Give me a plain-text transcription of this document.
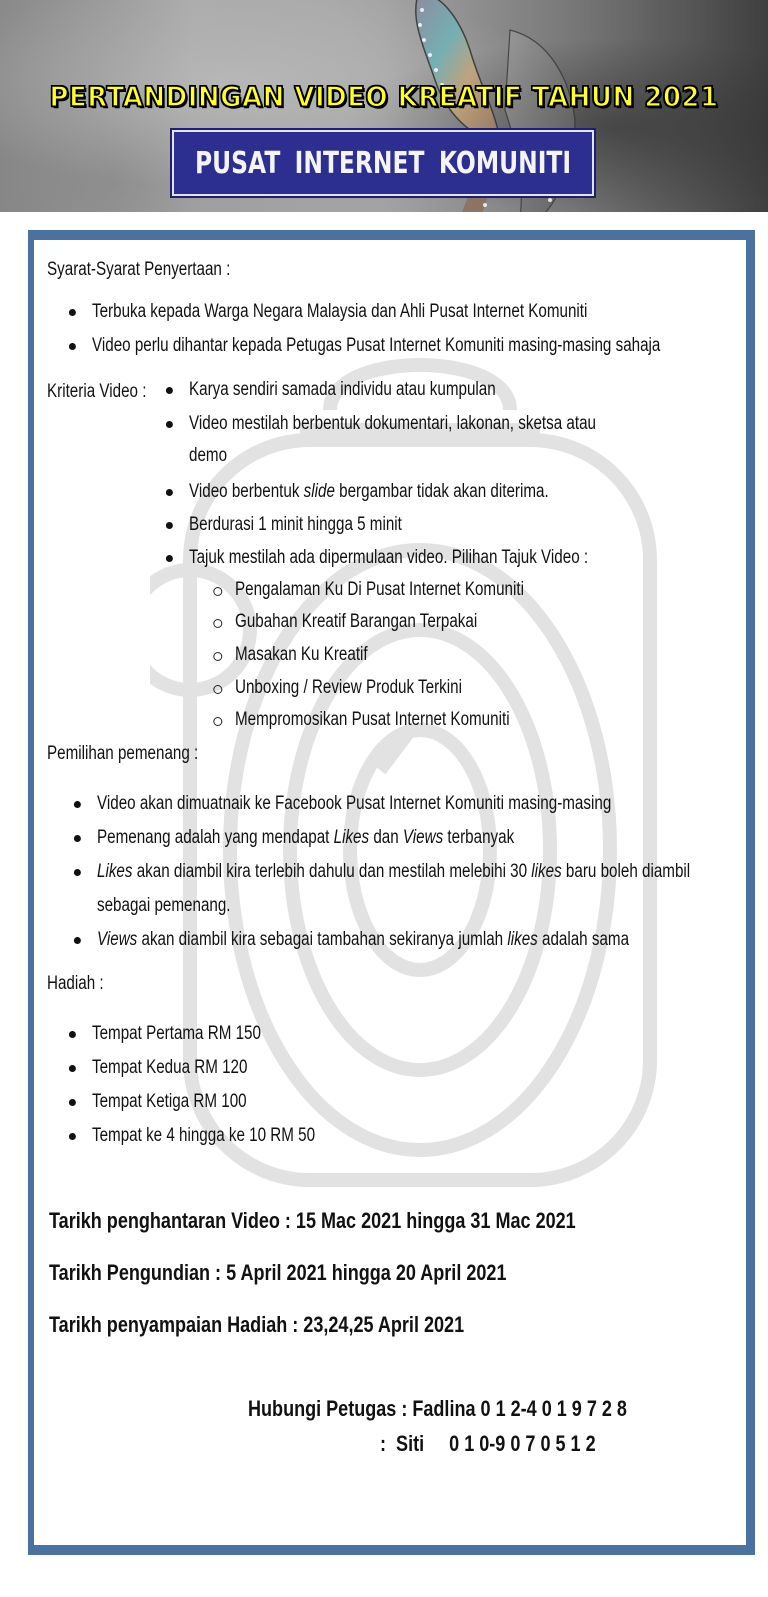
PERTANDINGAN VIDEO KREATIF TAHUN 2021
PUSAT INTERNET KOMUNITI
Syarat-Syarat Penyertaan :
Terbuka kepada Warga Negara Malaysia dan Ahli Pusat Internet Komuniti
Video perlu dihantar kepada Petugas Pusat Internet Komuniti masing-masing sahaja
Kriteria Video : Karya sendiri samada individu atau kumpulan
Video mestilah berbentuk dokumentari, lakonan, sketsa atau
demo
Video berbentuk slide bergambar tidak akan diterima.
Berdurasi 1 minit hingga 5 minit
Tajuk mestilah ada dipermulaan video. Pilihan Tajuk Video :
Pengalaman Ku Di Pusat Internet Komuniti
Gubahan Kreatif Barangan Terpakai
Masakan Ku Kreatif
Unboxing / Review Produk Terkini
Mempromosikan Pusat Internet Komuniti
Pemilihan pemenang :
Video akan dimuatnaik ke Facebook Pusat Internet Komuniti masing-masing
Pemenang adalah yang mendapat Likes dan Views terbanyak
Likes akan diambil kira terlebih dahulu dan mestilah melebihi 30 likes baru boleh diambil
sebagai pemenang.
Views akan diambil kira sebagai tambahan sekiranya jumlah likes adalah sama
Hadiah :
Tempat Pertama RM 150
Tempat Kedua RM 120
Tempat Ketiga RM 100
Tempat ke 4 hingga ke 10 RM 50
Tarikh penghantaran Video : 15 Mac 2021 hingga 31 Mac 2021
Tarikh Pengundian : 5 April 2021 hingga 20 April 2021
Tarikh penyampaian Hadiah : 23,24,25 April 2021
Hubungi Petugas : Fadlina 0 1 2-4 0 1 9 7 2 8
: Siti 0 1 0-9 0 7 0 5 1 2
